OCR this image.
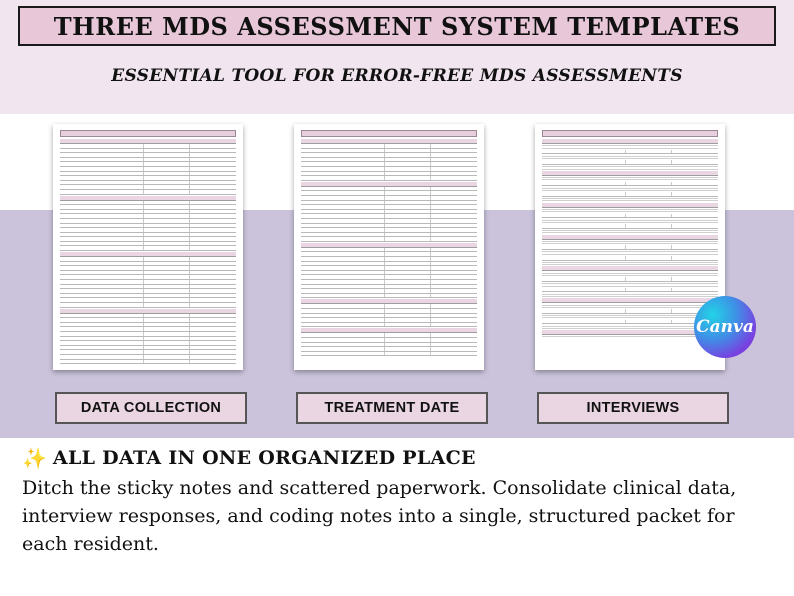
THREE MDS ASSESSMENT SYSTEM TEMPLATES
ESSENTIAL TOOL FOR ERROR-FREE MDS ASSESSMENTS
Canva
DATA COLLECTION	TREATMENT DATE	INTERVIEWS
✨ ALL DATA IN ONE ORGANIZED PLACE
Ditch the sticky notes and scattered paperwork. Consolidate clinical data, interview responses, and coding notes into a single, structured packet for each resident.
